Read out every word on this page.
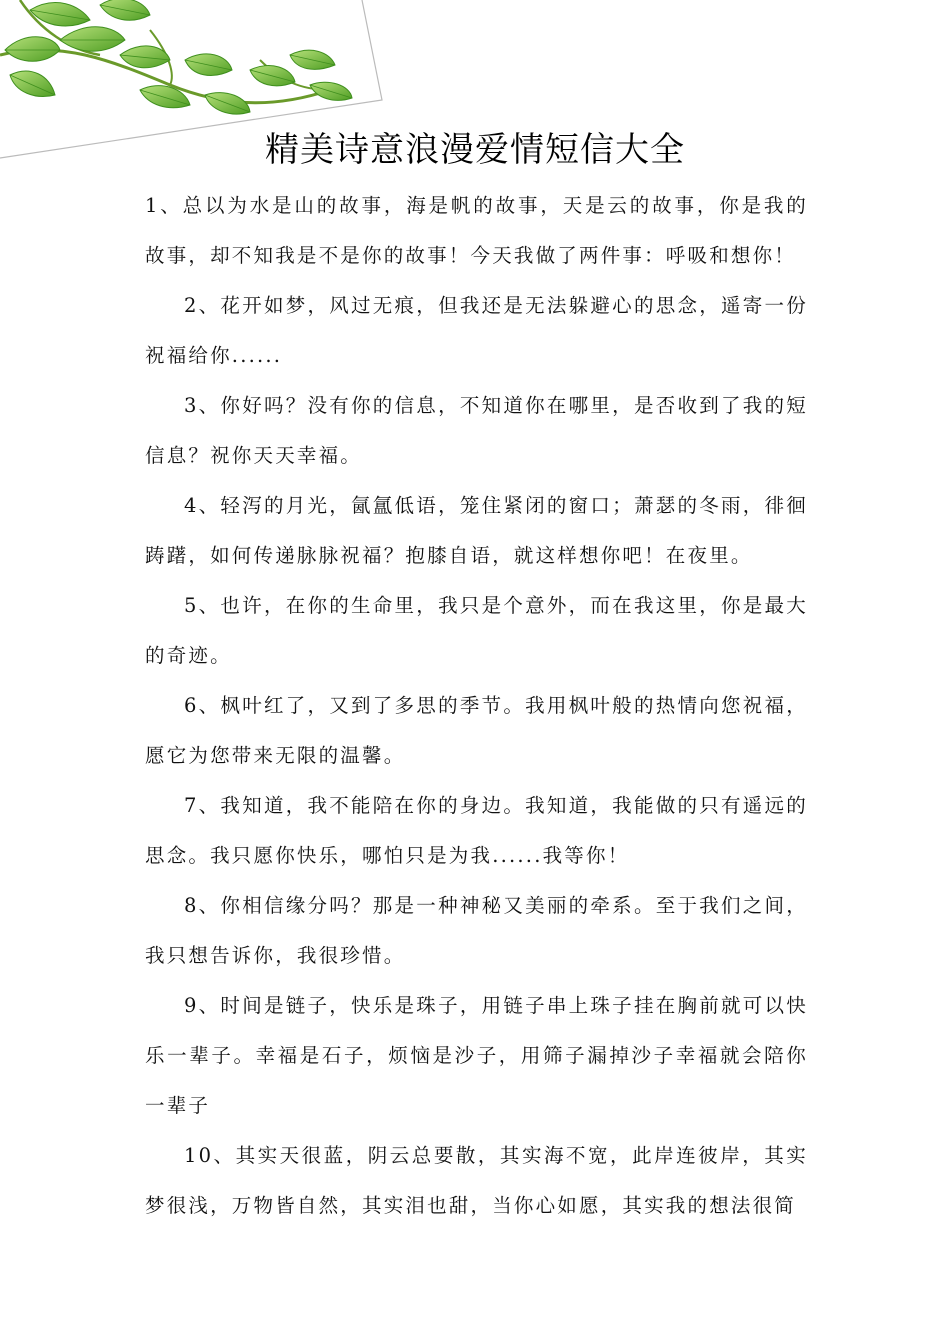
精美诗意浪漫爱情短信大全

1、总以为水是山的故事，海是帆的故事，天是云的故事，你是我的故事，却不知我是不是你的故事！今天我做了两件事：呼吸和想你！

2、花开如梦，风过无痕，但我还是无法躲避心的思念，遥寄一份祝福给你......

3、你好吗？没有你的信息，不知道你在哪里，是否收到了我的短信息？祝你天天幸福。

4、轻泻的月光，氤氲低语，笼住紧闭的窗口；萧瑟的冬雨，徘徊踌躇，如何传递脉脉祝福？抱膝自语，就这样想你吧！在夜里。

5、也许，在你的生命里，我只是个意外，而在我这里，你是最大的奇迹。

6、枫叶红了，又到了多思的季节。我用枫叶般的热情向您祝福，愿它为您带来无限的温馨。

7、我知道，我不能陪在你的身边。我知道，我能做的只有遥远的思念。我只愿你快乐，哪怕只是为我......我等你！

8、你相信缘分吗？那是一种神秘又美丽的牵系。至于我们之间，我只想告诉你，我很珍惜。

9、时间是链子，快乐是珠子，用链子串上珠子挂在胸前就可以快乐一辈子。幸福是石子，烦恼是沙子，用筛子漏掉沙子幸福就会陪你一辈子

10、其实天很蓝，阴云总要散，其实海不宽，此岸连彼岸，其实梦很浅，万物皆自然，其实泪也甜，当你心如愿，其实我的想法很简
